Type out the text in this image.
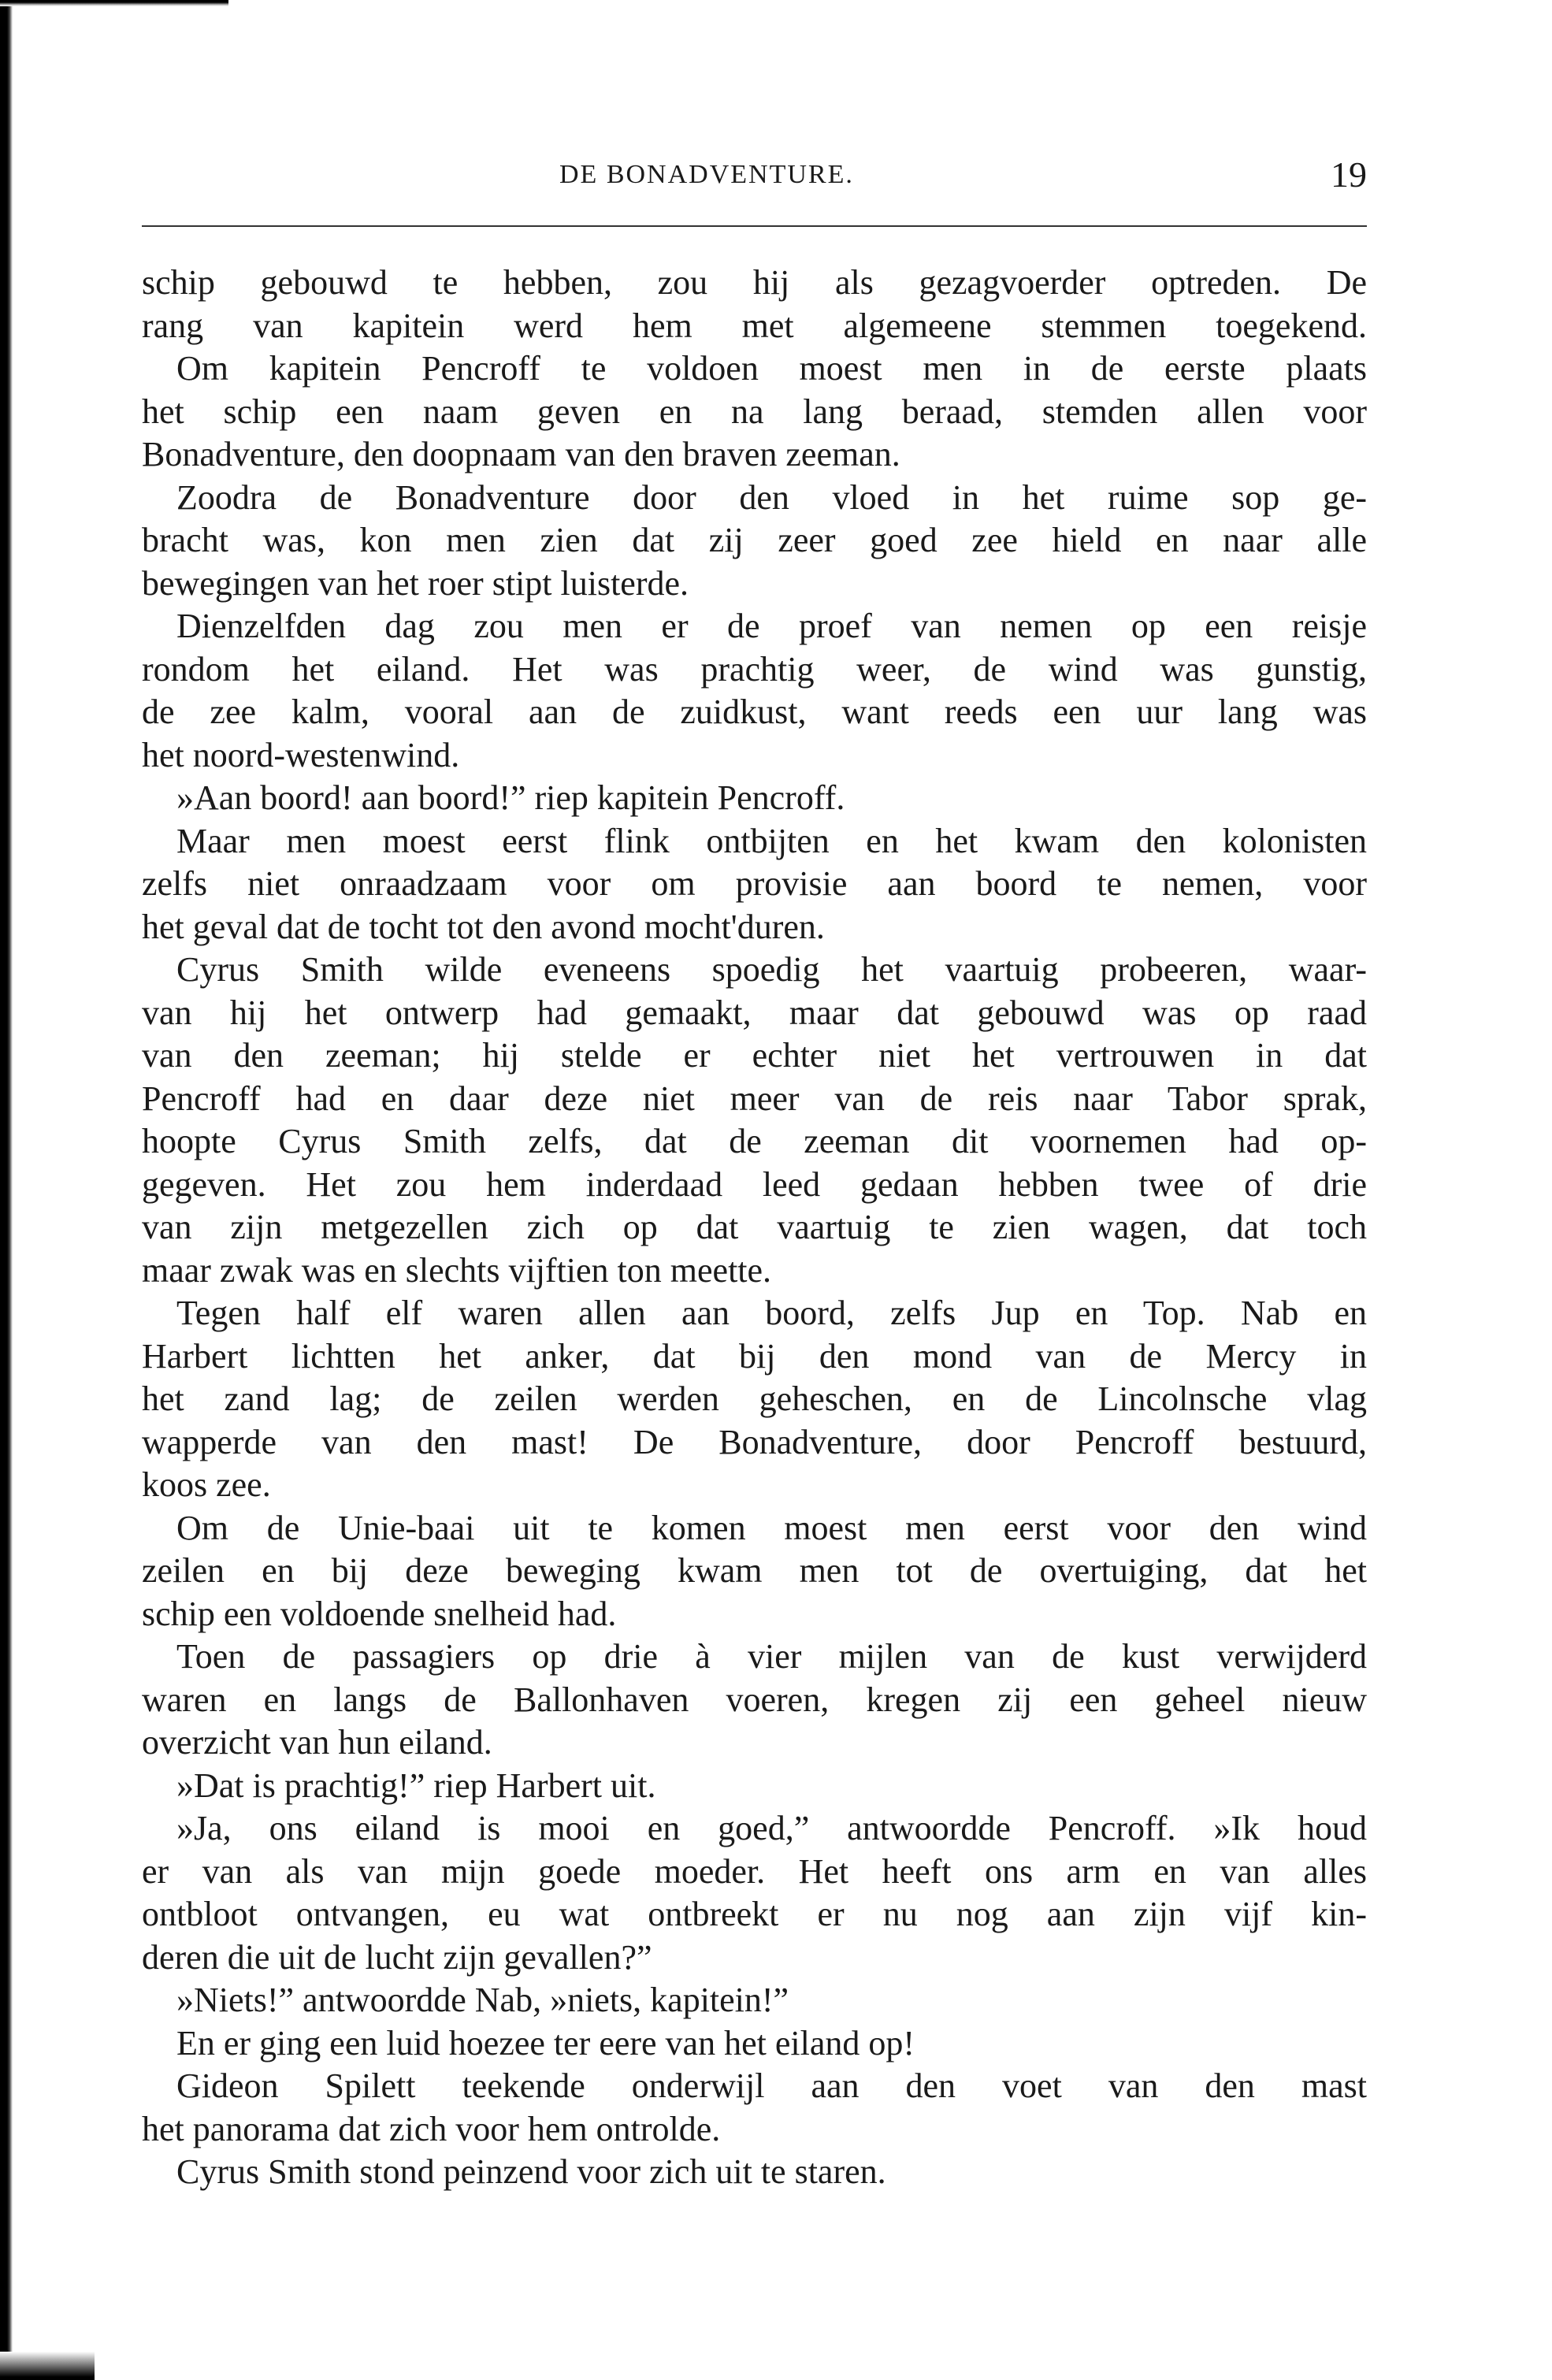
DE BONADVENTURE.	19
schip gebouwd te hebben, zou hij als gezagvoerder optreden. De
rang van kapitein werd hem met algemeene stemmen toegekend.
Om kapitein Pencroff te voldoen moest men in de eerste plaats
het schip een naam geven en na lang beraad, stemden allen voor
Bonadventure, den doopnaam van den braven zeeman.
Zoodra de Bonadventure door den vloed in het ruime sop ge-
bracht was, kon men zien dat zij zeer goed zee hield en naar alle
bewegingen van het roer stipt luisterde.
Dienzelfden dag zou men er de proef van nemen op een reisje
rondom het eiland. Het was prachtig weer, de wind was gunstig,
de zee kalm, vooral aan de zuidkust, want reeds een uur lang was
het noord-westenwind.
»Aan boord! aan boord!” riep kapitein Pencroff.
Maar men moest eerst flink ontbijten en het kwam den kolonisten
zelfs niet onraadzaam voor om provisie aan boord te nemen, voor
het geval dat de tocht tot den avond mocht'duren.
Cyrus Smith wilde eveneens spoedig het vaartuig probeeren, waar-
van hij het ontwerp had gemaakt, maar dat gebouwd was op raad
van den zeeman; hij stelde er echter niet het vertrouwen in dat
Pencroff had en daar deze niet meer van de reis naar Tabor sprak,
hoopte Cyrus Smith zelfs, dat de zeeman dit voornemen had op-
gegeven. Het zou hem inderdaad leed gedaan hebben twee of drie
van zijn metgezellen zich op dat vaartuig te zien wagen, dat toch
maar zwak was en slechts vijftien ton meette.
Tegen half elf waren allen aan boord, zelfs Jup en Top. Nab en
Harbert lichtten het anker, dat bij den mond van de Mercy in
het zand lag; de zeilen werden geheschen, en de Lincolnsche vlag
wapperde van den mast! De Bonadventure, door Pencroff bestuurd,
koos zee.
Om de Unie-baai uit te komen moest men eerst voor den wind
zeilen en bij deze beweging kwam men tot de overtuiging, dat het
schip een voldoende snelheid had.
Toen de passagiers op drie à vier mijlen van de kust verwijderd
waren en langs de Ballonhaven voeren, kregen zij een geheel nieuw
overzicht van hun eiland.
»Dat is prachtig!” riep Harbert uit.
»Ja, ons eiland is mooi en goed,” antwoordde Pencroff. »Ik houd
er van als van mijn goede moeder. Het heeft ons arm en van alles
ontbloot ontvangen, eu wat ontbreekt er nu nog aan zijn vijf kin-
deren die uit de lucht zijn gevallen?”
»Niets!” antwoordde Nab, »niets, kapitein!”
En er ging een luid hoezee ter eere van het eiland op!
Gideon Spilett teekende onderwijl aan den voet van den mast
het panorama dat zich voor hem ontrolde.
Cyrus Smith stond peinzend voor zich uit te staren.
